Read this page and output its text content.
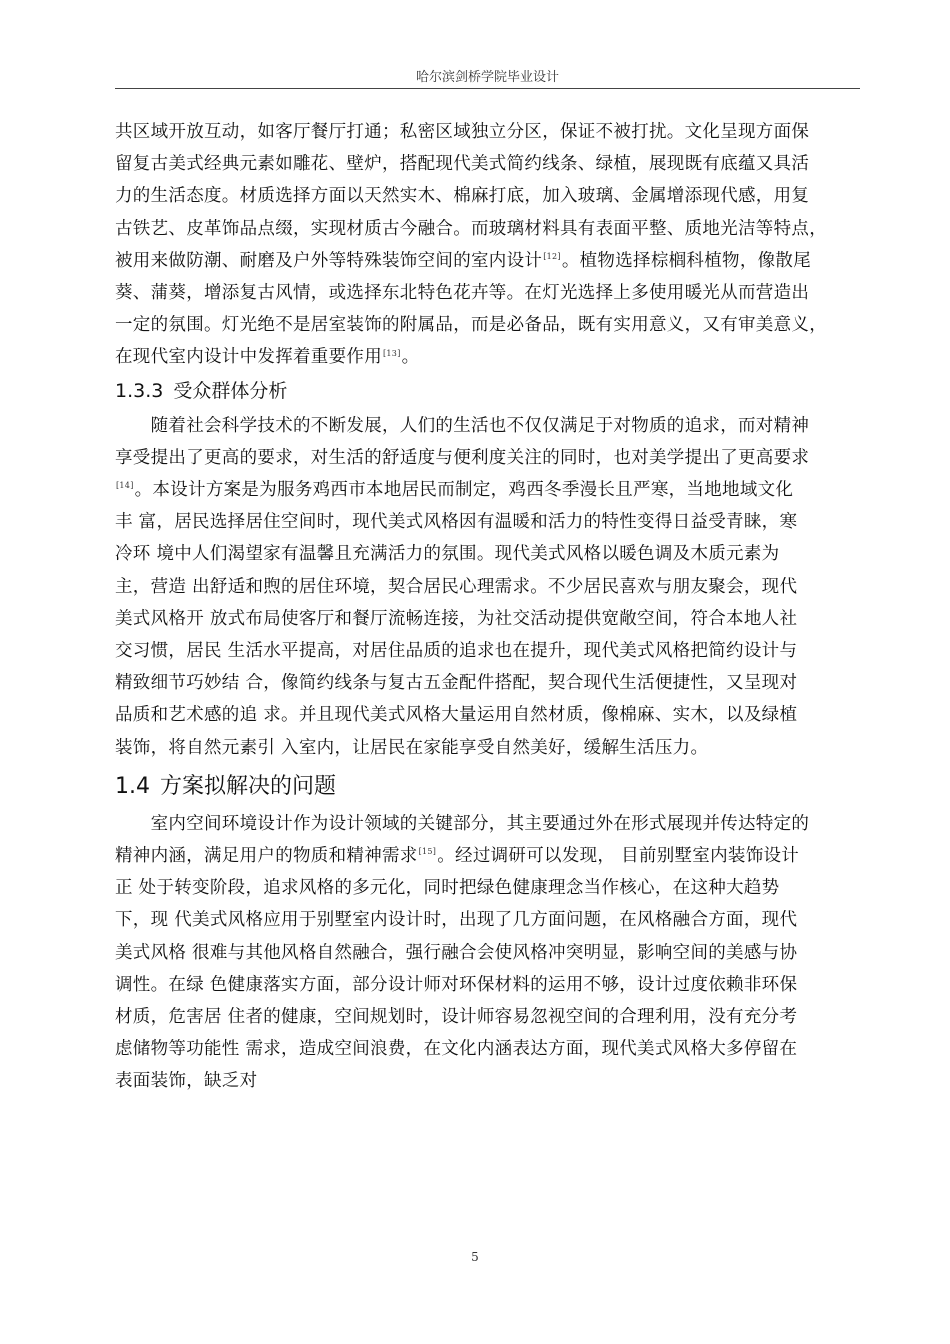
哈尔滨剑桥学院毕业设计

共区域开放互动，如客厅餐厅打通；私密区域独立分区，保证不被打扰。文化呈现方面保
留复古美式经典元素如雕花、壁炉，搭配现代美式简约线条、绿植，展现既有底蕴又具活
力的生活态度。材质选择方面以天然实木、棉麻打底，加入玻璃、金属增添现代感，用复
古铁艺、皮革饰品点缀，实现材质古今融合。而玻璃材料具有表面平整、质地光洁等特点，
被用来做防潮、耐磨及户外等特殊装饰空间的室内设计[12]。植物选择棕榈科植物，像散尾
葵、蒲葵，增添复古风情，或选择东北特色花卉等。在灯光选择上多使用暖光从而营造出
一定的氛围。灯光绝不是居室装饰的附属品，而是必备品，既有实用意义，又有审美意义，
在现代室内设计中发挥着重要作用[13]。

1.3.3 受众群体分析

　　随着社会科学技术的不断发展，人们的生活也不仅仅满足于对物质的追求，而对精神
享受提出了更高的要求，对生活的舒适度与便利度关注的同时，也对美学提出了更高要求
[14]。本设计方案是为服务鸡西市本地居民而制定，鸡西冬季漫长且严寒，当地地域文化
丰 富，居民选择居住空间时，现代美式风格因有温暖和活力的特性变得日益受青睐，寒
冷环 境中人们渴望家有温馨且充满活力的氛围。现代美式风格以暖色调及木质元素为
主，营造 出舒适和煦的居住环境，契合居民心理需求。不少居民喜欢与朋友聚会，现代
美式风格开 放式布局使客厅和餐厅流畅连接，为社交活动提供宽敞空间，符合本地人社
交习惯，居民 生活水平提高，对居住品质的追求也在提升，现代美式风格把简约设计与
精致细节巧妙结 合，像简约线条与复古五金配件搭配，契合现代生活便捷性，又呈现对
品质和艺术感的追 求。并且现代美式风格大量运用自然材质，像棉麻、实木，以及绿植
装饰，将自然元素引 入室内，让居民在家能享受自然美好，缓解生活压力。

1.4 方案拟解决的问题

　　室内空间环境设计作为设计领域的关键部分，其主要通过外在形式展现并传达特定的
精神内涵，满足用户的物质和精神需求[15]。经过调研可以发现， 目前别墅室内装饰设计
正 处于转变阶段，追求风格的多元化，同时把绿色健康理念当作核心，在这种大趋势
下，现 代美式风格应用于别墅室内设计时，出现了几方面问题，在风格融合方面，现代
美式风格 很难与其他风格自然融合，强行融合会使风格冲突明显，影响空间的美感与协
调性。在绿 色健康落实方面，部分设计师对环保材料的运用不够，设计过度依赖非环保
材质，危害居 住者的健康，空间规划时，设计师容易忽视空间的合理利用，没有充分考
虑储物等功能性 需求，造成空间浪费，在文化内涵表达方面，现代美式风格大多停留在
表面装饰，缺乏对

5
